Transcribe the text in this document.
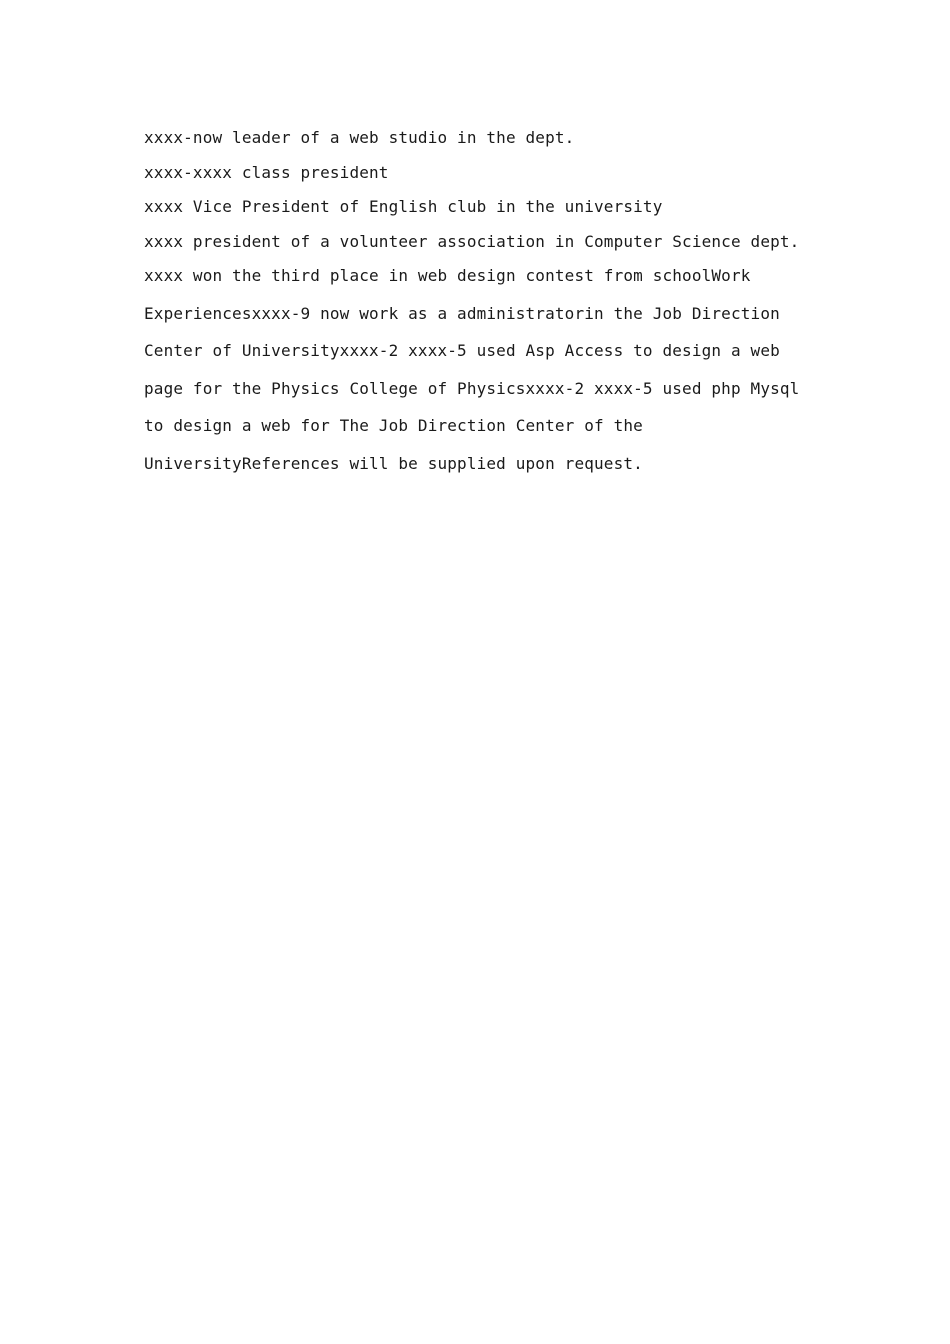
xxxx-now leader of a web studio in the dept.
xxxx-xxxx class president
xxxx Vice President of English club in the university
xxxx president of a volunteer association in Computer Science dept.
xxxx won the third place in web design contest from schoolWork
Experiencesxxxx-9 now work as a administratorin the Job Direction
Center of Universityxxxx-2 xxxx-5 used Asp Access to design a web
page for the Physics College of Physicsxxxx-2 xxxx-5 used php Mysql
to design a web for The Job Direction Center of the
UniversityReferences will be supplied upon request.
